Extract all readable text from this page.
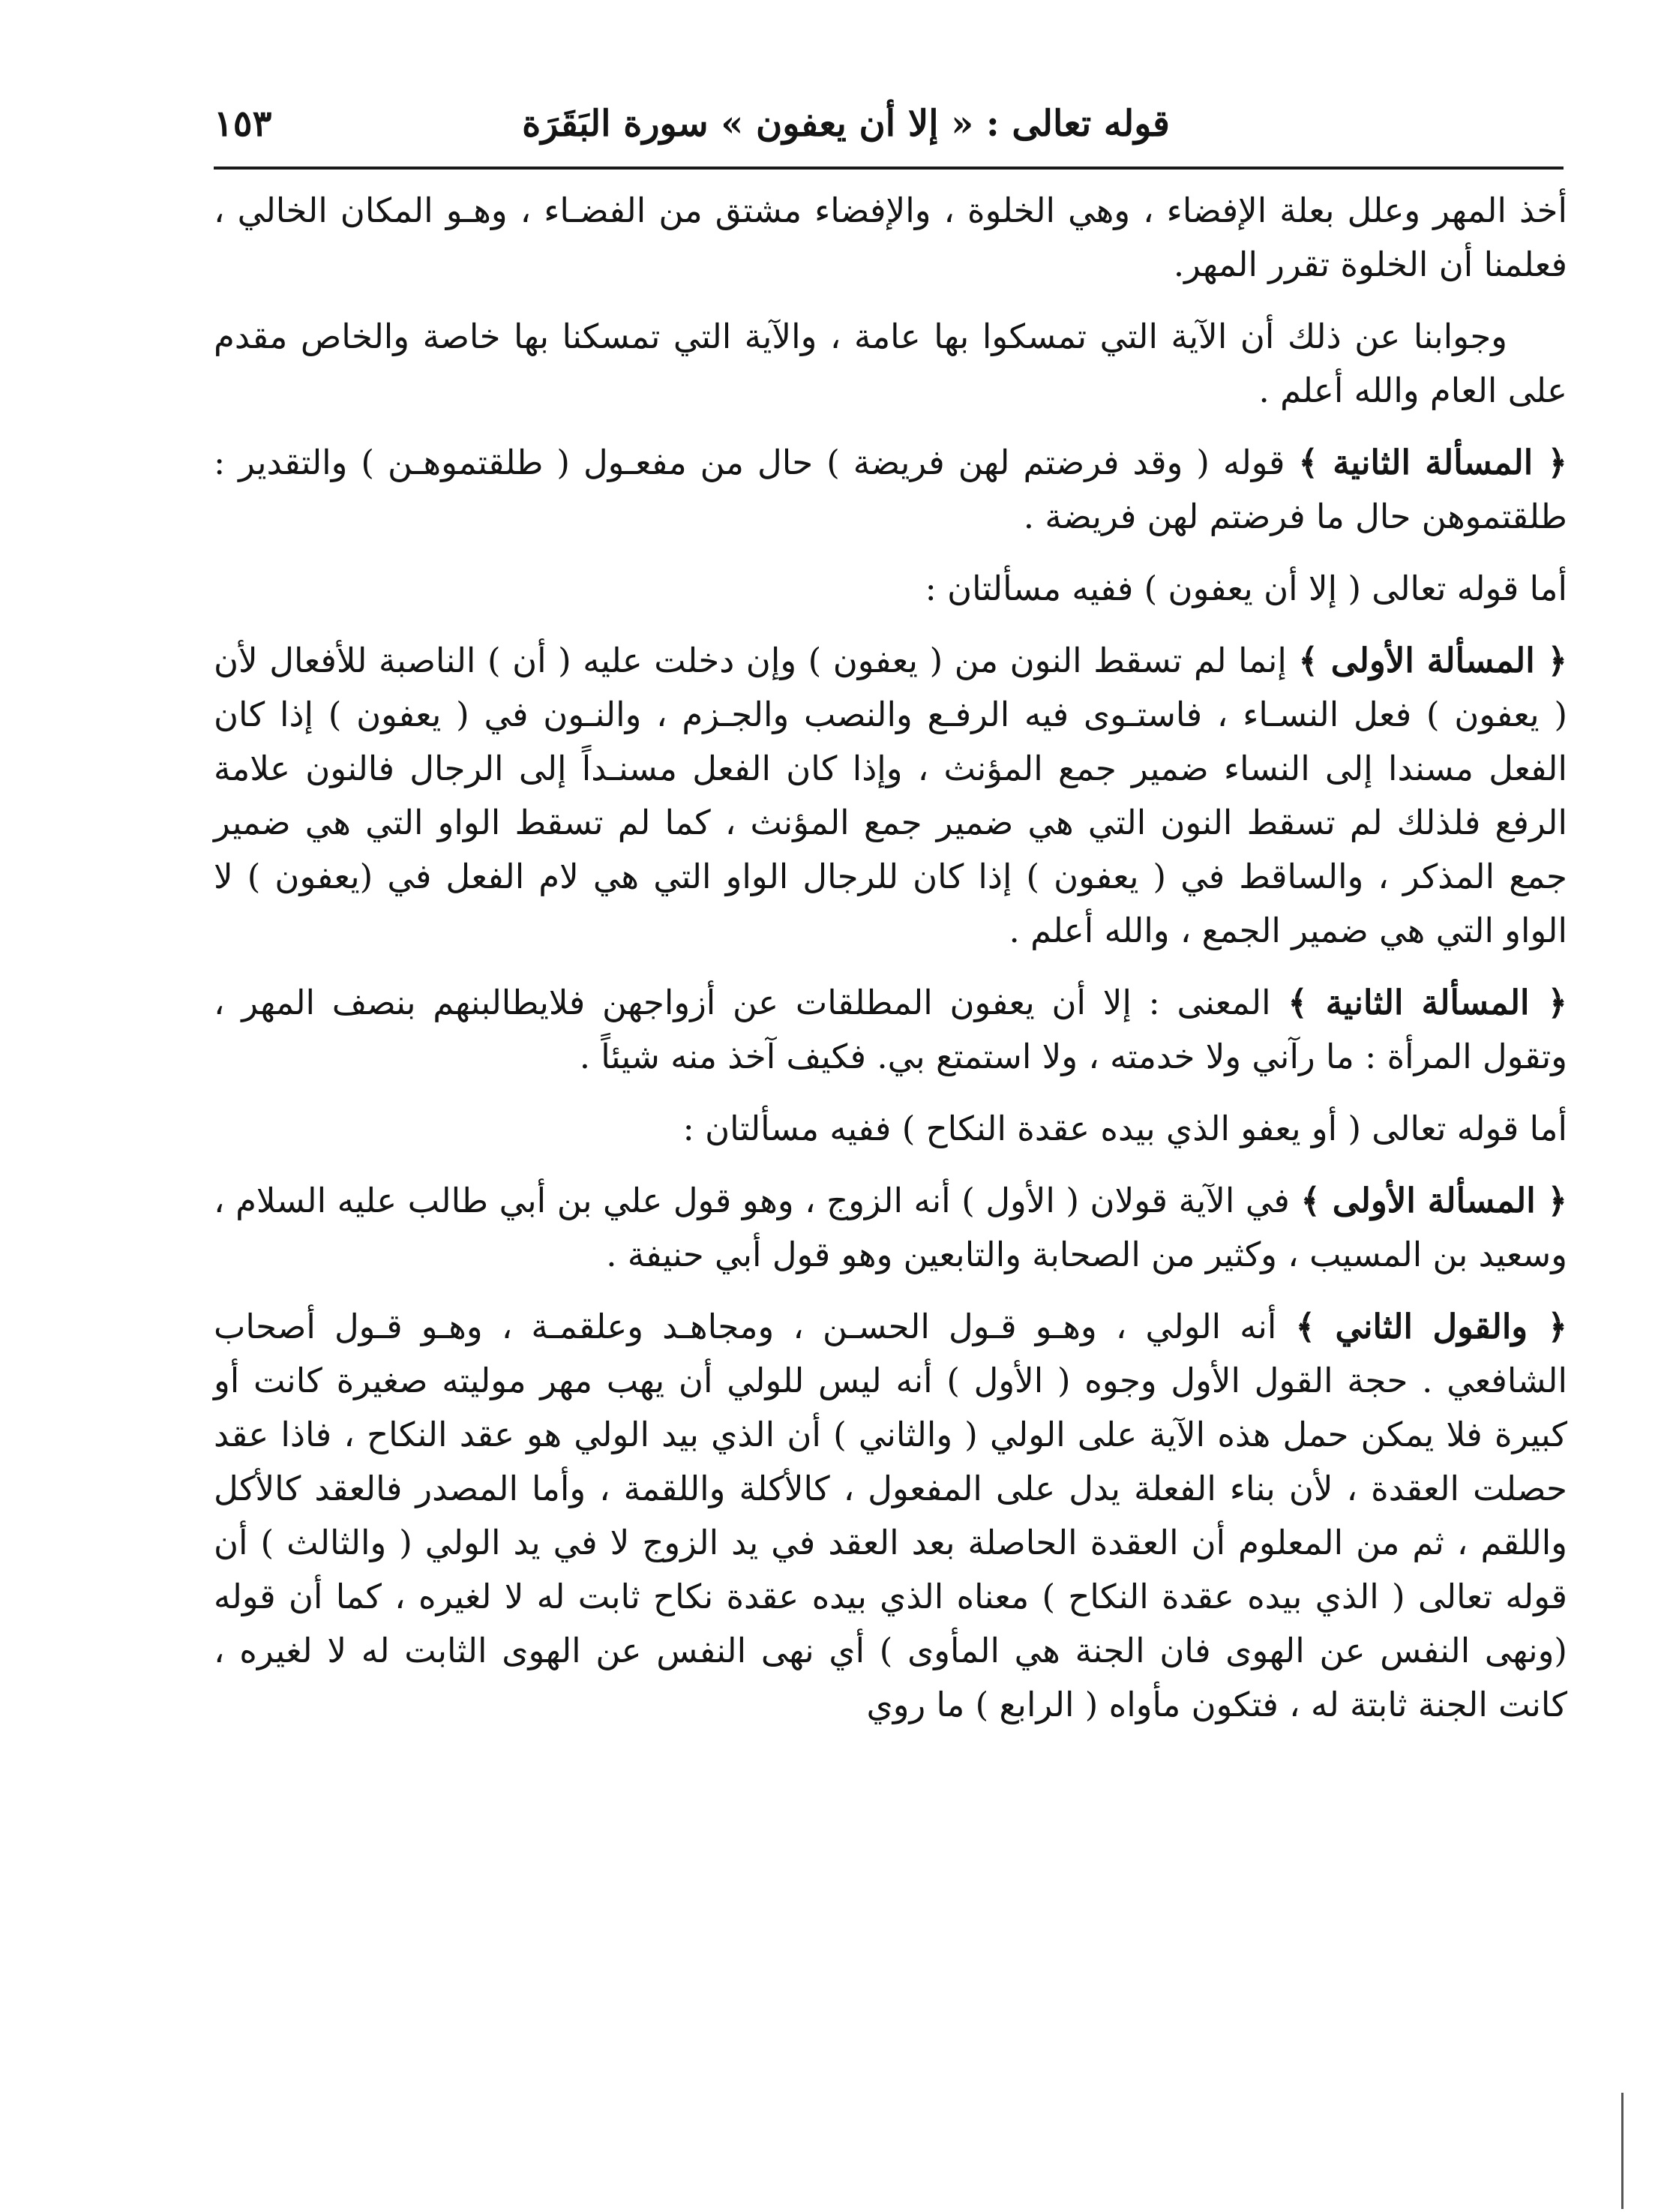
قوله تعالى : « إلا أن يعفون » سورة البَقَرَة
١٥٣

أخذ المهر وعلل بعلة الإفضاء ، وهي الخلوة ، والإفضاء مشتق من الفضـاء ، وهـو المكان الخالي ، فعلمنا أن الخلوة تقرر المهر.

وجوابنا عن ذلك أن الآية التي تمسكوا بها عامة ، والآية التي تمسكنا بها خاصة والخاص مقدم على العام والله أعلم .

﴿ المسألة الثانية ﴾ قوله ( وقد فرضتم لهن فريضة ) حال من مفعـول ( طلقتموهـن ) والتقدير : طلقتموهن حال ما فرضتم لهن فريضة .

أما قوله تعالى ( إلا أن يعفون ) ففيه مسألتان :

﴿ المسألة الأولى ﴾ إنما لم تسقط النون من ( يعفون ) وإن دخلت عليه ( أن ) الناصبة للأفعال لأن ( يعفون ) فعل النسـاء ، فاستـوى فيه الرفـع والنصب والجـزم ، والنـون في ( يعفون ) إذا كان الفعل مسندا إلى النساء ضمير جمع المؤنث ، وإذا كان الفعل مسنـداً إلى الرجال فالنون علامة الرفع فلذلك لم تسقط النون التي هي ضمير جمع المؤنث ، كما لم تسقط الواو التي هي ضمير جمع المذكر ، والساقط في ( يعفون ) إذا كان للرجال الواو التي هي لام الفعل في (يعفون ) لا الواو التي هي ضمير الجمع ، والله أعلم .

﴿ المسألة الثانية ﴾ المعنى : إلا أن يعفون المطلقات عن أزواجهن فلايطالبنهم بنصف المهر ، وتقول المرأة : ما رآني ولا خدمته ، ولا استمتع بي. فكيف آخذ منه شيئاً .

أما قوله تعالى ( أو يعفو الذي بيده عقدة النكاح ) ففيه مسألتان :

﴿ المسألة الأولى ﴾ في الآية قولان ( الأول ) أنه الزوج ، وهو قول علي بن أبي طالب عليه السلام ، وسعيد بن المسيب ، وكثير من الصحابة والتابعين وهو قول أبي حنيفة .

﴿ والقول الثاني ﴾ أنه الولي ، وهـو قـول الحسـن ، ومجاهـد وعلقمـة ، وهـو قـول أصحاب الشافعي . حجة القول الأول وجوه ( الأول ) أنه ليس للولي أن يهب مهر موليته صغيرة كانت أو كبيرة فلا يمكن حمل هذه الآية على الولي ( والثاني ) أن الذي بيد الولي هو عقد النكاح ، فاذا عقد حصلت العقدة ، لأن بناء الفعلة يدل على المفعول ، كالأكلة واللقمة ، وأما المصدر فالعقد كالأكل واللقم ، ثم من المعلوم أن العقدة الحاصلة بعد العقد في يد الزوج لا في يد الولي ( والثالث ) أن قوله تعالى ( الذي بيده عقدة النكاح ) معناه الذي بيده عقدة نكاح ثابت له لا لغيره ، كما أن قوله (ونهى النفس عن الهوى فان الجنة هي المأوى ) أي نهى النفس عن الهوى الثابت له لا لغيره ، كانت الجنة ثابتة له ، فتكون مأواه ( الرابع ) ما روي
